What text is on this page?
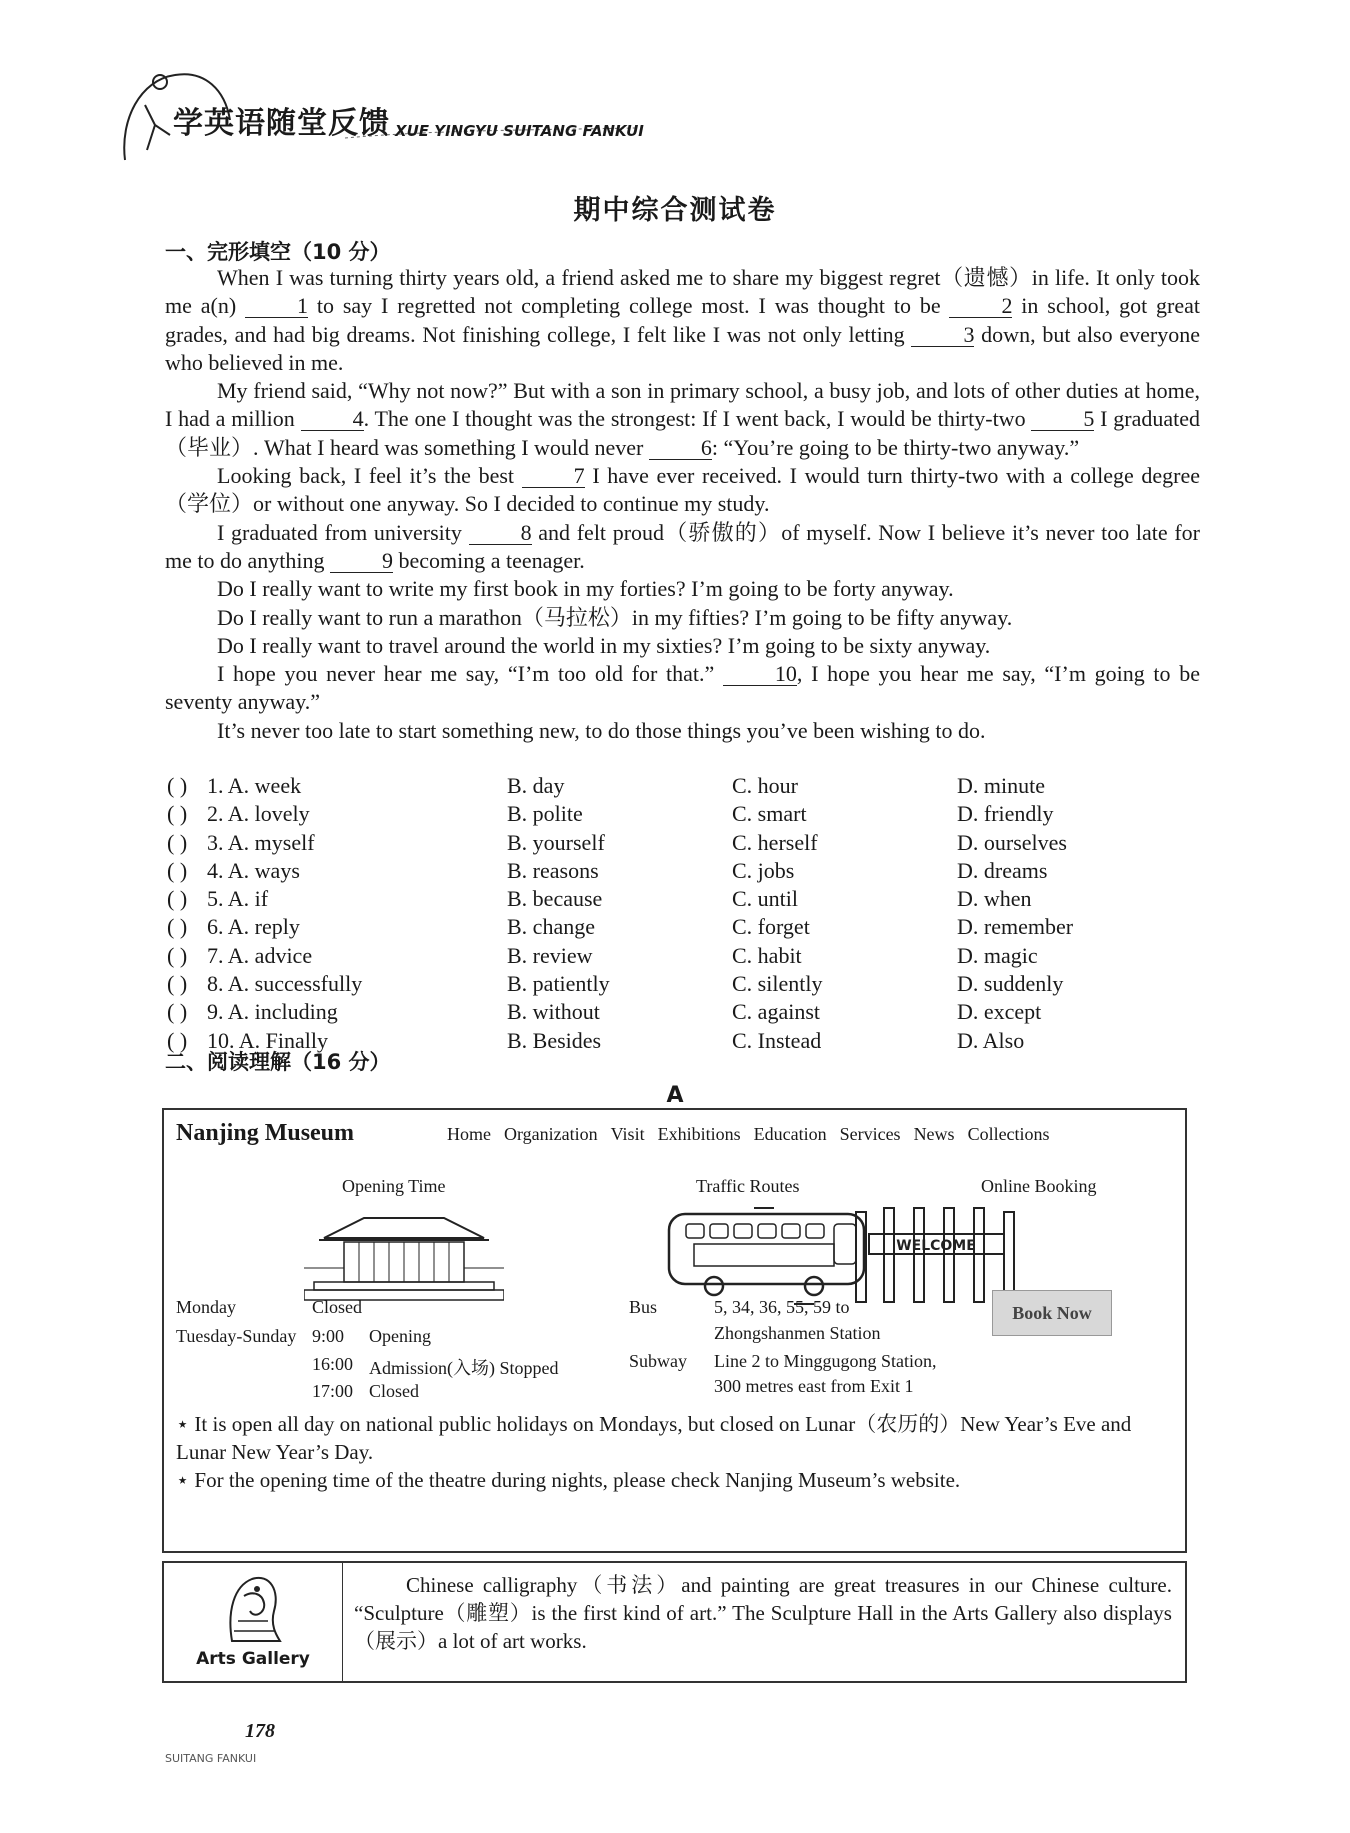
学英语随堂反馈 XUE YINGYU SUITANG FANKUI
期中综合测试卷
一、完形填空（10 分）

When I was turning thirty years old, a friend asked me to share my biggest regret（遗憾）in life. It only took me a(n) 1 to say I regretted not completing college most. I was thought to be 2 in school, got great grades, and had big dreams. Not finishing college, I felt like I was not only letting 3 down, but also everyone who believed in me.

My friend said, “Why not now?” But with a son in primary school, a busy job, and lots of other duties at home, I had a million 4. The one I thought was the strongest: If I went back, I would be thirty-two 5 I graduated（毕业）. What I heard was something I would never 6: “You’re going to be thirty-two anyway.”

Looking back, I feel it’s the best 7 I have ever received. I would turn thirty-two with a college degree（学位）or without one anyway. So I decided to continue my study.

I graduated from university 8 and felt proud（骄傲的）of myself. Now I believe it’s never too late for me to do anything 9 becoming a teenager.

Do I really want to write my first book in my forties? I’m going to be forty anyway.

Do I really want to run a marathon（马拉松）in my fifties? I’m going to be fifty anyway.

Do I really want to travel around the world in my sixties? I’m going to be sixty anyway.

I hope you never hear me say, “I’m too old for that.” 10, I hope you hear me say, “I’m going to be seventy anyway.”

It’s never too late to start something new, to do those things you’ve been wishing to do.

( ) 1. A. week	B. day	C. hour	D. minute
( ) 2. A. lovely	B. polite	C. smart	D. friendly
( ) 3. A. myself	B. yourself	C. herself	D. ourselves
( ) 4. A. ways	B. reasons	C. jobs	D. dreams
( ) 5. A. if	B. because	C. until	D. when
( ) 6. A. reply	B. change	C. forget	D. remember
( ) 7. A. advice	B. review	C. habit	D. magic
( ) 8. A. successfully	B. patiently	C. silently	D. suddenly
( ) 9. A. including	B. without	C. against	D. except
( ) 10. A. Finally	B. Besides	C. Instead	D. Also
二、阅读理解（16 分）
A
Nanjing Museum	Home Organization Visit Exhibitions Education Services News Collections
Opening Time	Traffic Routes	Online Booking
WELCOME
Monday	Closed
Tuesday-Sunday 9:00 Opening
16:00 Admission(入场) Stopped
17:00 Closed
Bus	5, 34, 36, 55, 59 to
Zhongshanmen Station
Subway Line 2 to Minggugong Station,
300 metres east from Exit 1
Book Now
⋆ It is open all day on national public holidays on Mondays, but closed on Lunar（农历的）New Year’s Eve and Lunar New Year’s Day.
⋆ For the opening time of the theatre during nights, please check Nanjing Museum’s website.
Arts Gallery
Chinese calligraphy（书法）and painting are great treasures in our Chinese culture. “Sculpture（雕塑）is the first kind of art.” The Sculpture Hall in the Arts Gallery also displays（展示）a lot of art works.
178
SUITANG FANKUI
